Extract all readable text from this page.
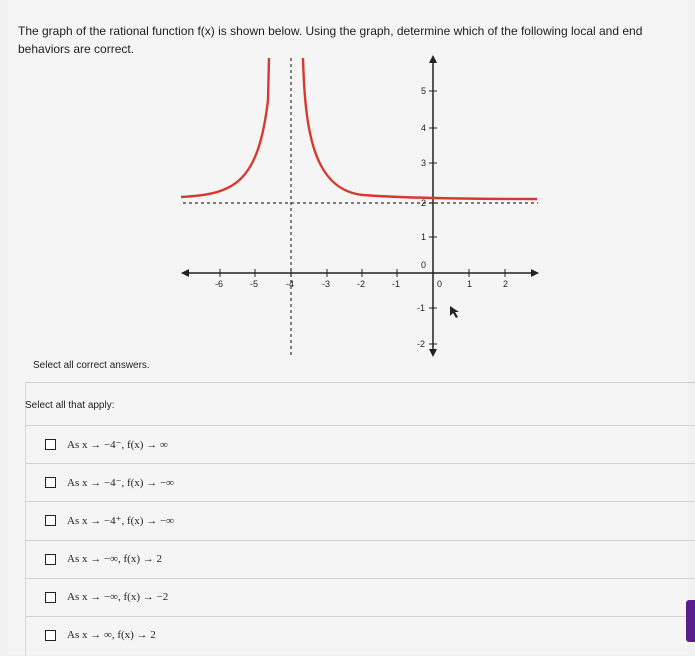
The graph of the rational function f(x) is shown below. Using the graph, determine which of the following local and end behaviors are correct.
-6	-5	-4	-3	-2	-1	0	1	2
5
4
3
2
1
0
-1
-2
Select all correct answers.
Select all that apply:
As x → −4⁻, f(x) → ∞
As x → −4⁻, f(x) → −∞
As x → −4⁺, f(x) → −∞
As x → −∞, f(x) → 2
As x → −∞, f(x) → −2
As x → ∞, f(x) → 2
